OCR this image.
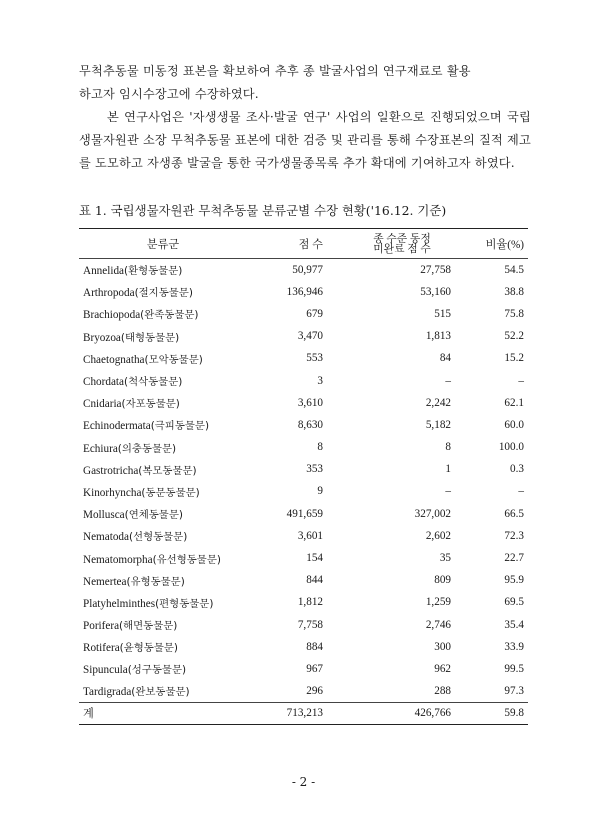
무척추동물 미동정 표본을 확보하여 추후 종 발굴사업의 연구재료로 활용
하고자 임시수장고에 수장하였다.

본 연구사업은 '자생생물 조사·발굴 연구' 사업의 일환으로 진행되었으며 국립생물자원관 소장 무척추동물 표본에 대한 검증 및 관리를 통해 수장표본의 질적 제고를 도모하고 자생종 발굴을 통한 국가생물종목록 추가 확대에 기여하고자 하였다.

표 1. 국립생물자원관 무척추동물 분류군별 수장 현황('16.12. 기준)

분류군	점 수	종 수준 동정
미완료 점 수	비율(%)
Annelida(환형동물문)	50,977	27,758	54.5
Arthropoda(절지동물문)	136,946	53,160	38.8
Brachiopoda(완족동물문)	679	515	75.8
Bryozoa(태형동물문)	3,470	1,813	52.2
Chaetognatha(모악동물문)	553	84	15.2
Chordata(척삭동물문)	3	–	–
Cnidaria(자포동물문)	3,610	2,242	62.1
Echinodermata(극피동물문)	8,630	5,182	60.0
Echiura(의충동물문)	8	8	100.0
Gastrotricha(복모동물문)	353	1	0.3
Kinorhyncha(동문동물문)	9	–	–
Mollusca(연체동물문)	491,659	327,002	66.5
Nematoda(선형동물문)	3,601	2,602	72.3
Nematomorpha(유선형동물문)	154	35	22.7
Nemertea(유형동물문)	844	809	95.9
Platyhelminthes(편형동물문)	1,812	1,259	69.5
Porifera(해면동물문)	7,758	2,746	35.4
Rotifera(윤형동물문)	884	300	33.9
Sipuncula(성구동물문)	967	962	99.5
Tardigrada(완보동물문)	296	288	97.3
계	713,213	426,766	59.8

- 2 -
